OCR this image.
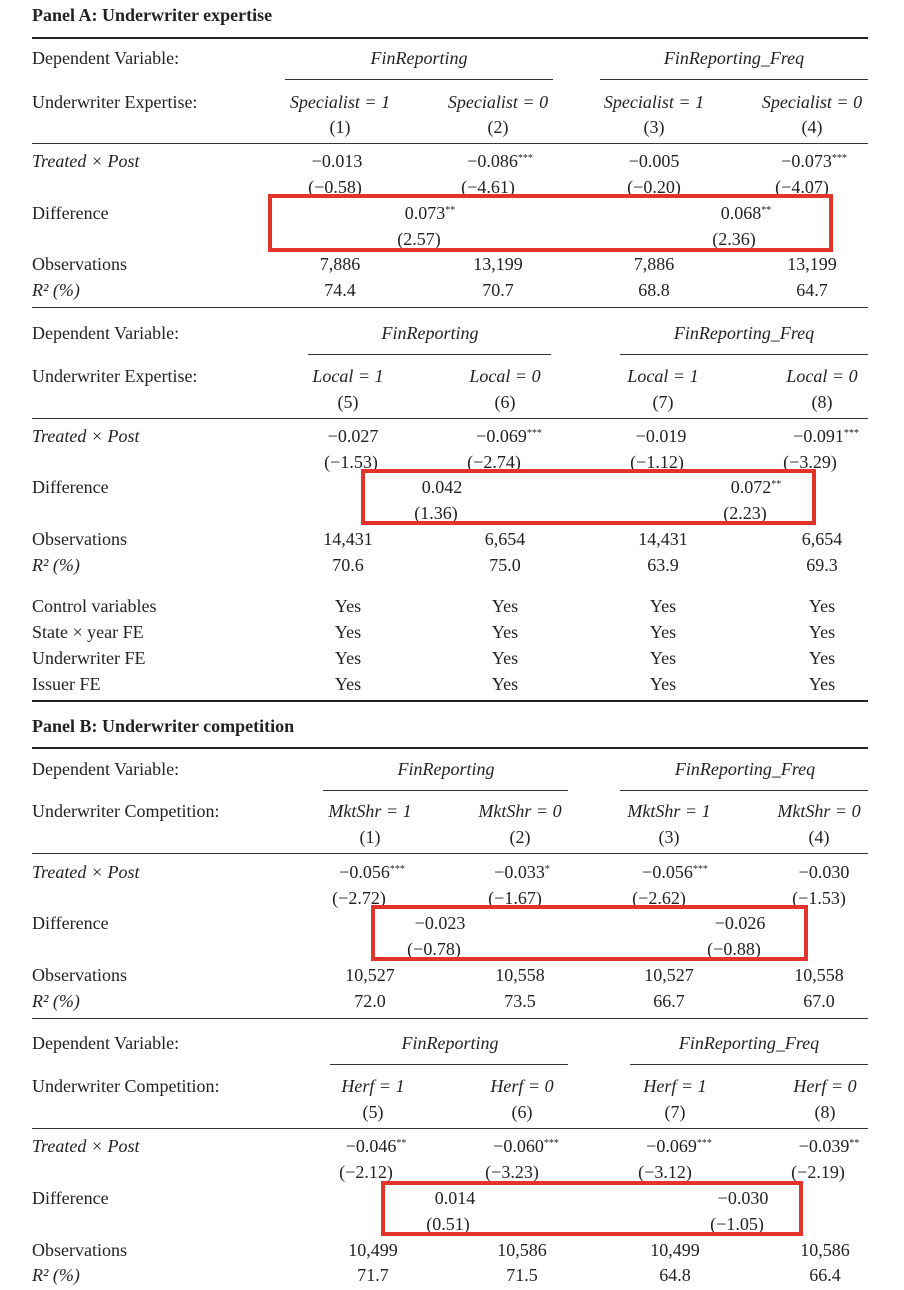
Panel A: Underwriter expertise
Dependent Variable:	FinReporting	FinReporting_Freq
Underwriter Expertise:	Specialist = 1	Specialist = 0	Specialist = 1	Specialist = 0
(1)	(2)	(3)	(4)
Treated × Post	−0.013	−0.086***	−0.005	−0.073***
(−0.58)	(−4.61)	(−0.20)	(−4.07)
Difference	0.073**	0.068**
(2.57)	(2.36)
Observations	7,886	13,199	7,886	13,199
R² (%)	74.4	70.7	68.8	64.7
Dependent Variable:	FinReporting	FinReporting_Freq
Underwriter Expertise:	Local = 1	Local = 0	Local = 1	Local = 0
(5)	(6)	(7)	(8)
Treated × Post	−0.027	−0.069***	−0.019	−0.091***
(−1.53)	(−2.74)	(−1.12)	(−3.29)
Difference	0.042	0.072**
(1.36)	(2.23)
Observations	14,431	6,654	14,431	6,654
R² (%)	70.6	75.0	63.9	69.3
Control variables	Yes	Yes	Yes	Yes
State × year FE	Yes	Yes	Yes	Yes
Underwriter FE	Yes	Yes	Yes	Yes
Issuer FE	Yes	Yes	Yes	Yes
Panel B: Underwriter competition
Dependent Variable:	FinReporting	FinReporting_Freq
Underwriter Competition:	MktShr = 1	MktShr = 0	MktShr = 1	MktShr = 0
(1)	(2)	(3)	(4)
Treated × Post	−0.056***	−0.033*	−0.056***	−0.030
(−2.72)	(−1.67)	(−2.62)	(−1.53)
Difference	−0.023	−0.026
(−0.78)	(−0.88)
Observations	10,527	10,558	10,527	10,558
R² (%)	72.0	73.5	66.7	67.0
Dependent Variable:	FinReporting	FinReporting_Freq
Underwriter Competition:	Herf = 1	Herf = 0	Herf = 1	Herf = 0
(5)	(6)	(7)	(8)
Treated × Post	−0.046**	−0.060***	−0.069***	−0.039**
(−2.12)	(−3.23)	(−3.12)	(−2.19)
Difference	0.014	−0.030
(0.51)	(−1.05)
Observations	10,499	10,586	10,499	10,586
R² (%)	71.7	71.5	64.8	66.4
